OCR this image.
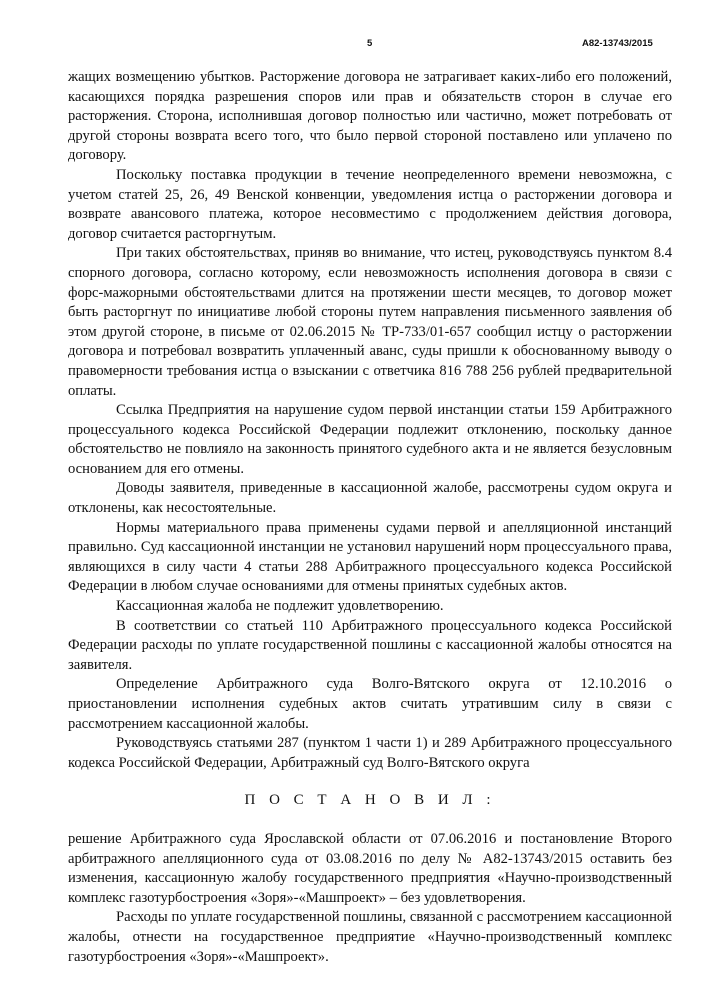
5	А82-13743/2015

жащих возмещению убытков. Расторжение договора не затрагивает каких-либо его положений, касающихся порядка разрешения споров или прав и обязательств сторон в случае его расторжения. Сторона, исполнившая договор полностью или частично, может потребовать от другой стороны возврата всего того, что было первой стороной поставлено или уплачено по договору.

Поскольку поставка продукции в течение неопределенного времени невозможна, с учетом статей 25, 26, 49 Венской конвенции, уведомления истца о расторжении договора и возврате авансового платежа, которое несовместимо с продолжением действия договора, договор считается расторгнутым.

При таких обстоятельствах, приняв во внимание, что истец, руководствуясь пунктом 8.4 спорного договора, согласно которому, если невозможность исполнения договора в связи с форс-мажорными обстоятельствами длится на протяжении шести месяцев, то договор может быть расторгнут по инициативе любой стороны путем направления письменного заявления об этом другой стороне, в письме от 02.06.2015 № ТР-733/01-657 сообщил истцу о расторжении договора и потребовал возвратить уплаченный аванс, суды пришли к обоснованному выводу о правомерности требования истца о взыскании с ответчика 816 788 256 рублей предварительной оплаты.

Ссылка Предприятия на нарушение судом первой инстанции статьи 159 Арбитражного процессуального кодекса Российской Федерации подлежит отклонению, поскольку данное обстоятельство не повлияло на законность принятого судебного акта и не является безусловным основанием для его отмены.

Доводы заявителя, приведенные в кассационной жалобе, рассмотрены судом округа и отклонены, как несостоятельные.

Нормы материального права применены судами первой и апелляционной инстанций правильно. Суд кассационной инстанции не установил нарушений норм процессуального права, являющихся в силу части 4 статьи 288 Арбитражного процессуального кодекса Российской Федерации в любом случае основаниями для отмены принятых судебных актов.

Кассационная жалоба не подлежит удовлетворению.

В соответствии со статьей 110 Арбитражного процессуального кодекса Российской Федерации расходы по уплате государственной пошлины с кассационной жалобы относятся на заявителя.

Определение Арбитражного суда Волго-Вятского округа от 12.10.2016 о приостановлении исполнения судебных актов считать утратившим силу в связи с рассмотрением кассационной жалобы.

Руководствуясь статьями 287 (пунктом 1 части 1) и 289 Арбитражного процессуального кодекса Российской Федерации, Арбитражный суд Волго-Вятского округа

П О С Т А Н О В И Л :

решение Арбитражного суда Ярославской области от 07.06.2016 и постановление Второго арбитражного апелляционного суда от 03.08.2016 по делу № А82-13743/2015 оставить без изменения, кассационную жалобу государственного предприятия «Научно-производственный комплекс газотурбостроения «Зоря»-«Машпроект» – без удовлетворения.

Расходы по уплате государственной пошлины, связанной с рассмотрением кассационной жалобы, отнести на государственное предприятие «Научно-производственный комплекс газотурбостроения «Зоря»-«Машпроект».
